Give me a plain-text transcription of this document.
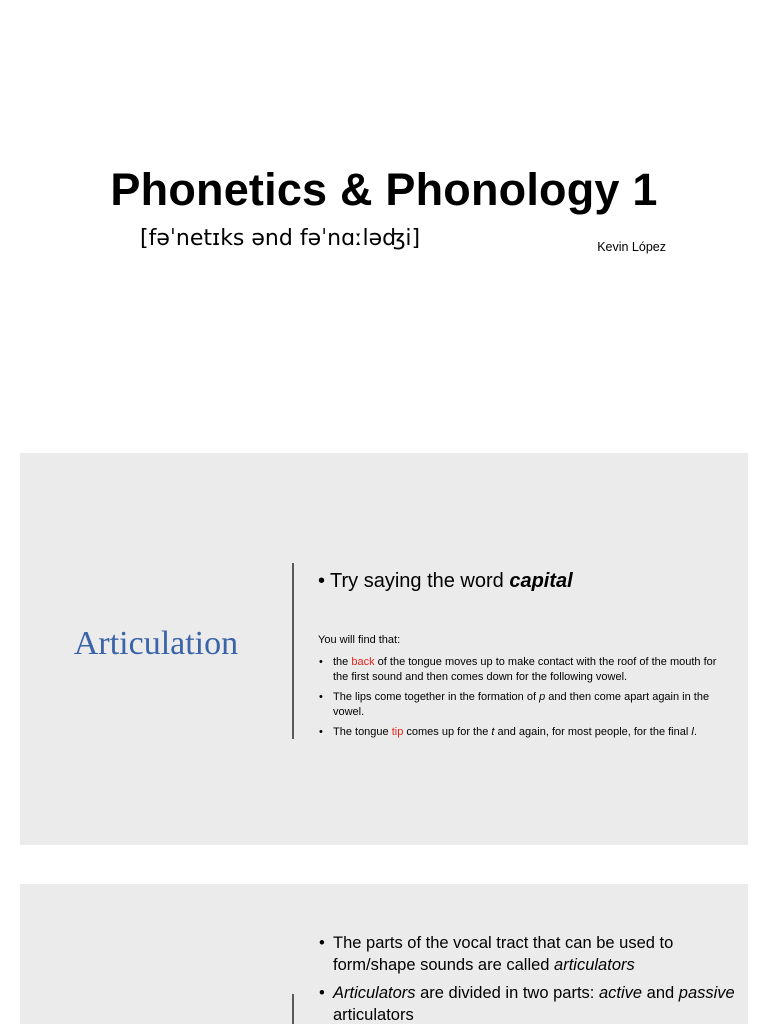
Phonetics & Phonology 1
[fəˈnetɪks ənd fəˈnɑːləʤi]	Kevin López
Articulation
• Try saying the word capital
You will find that:
• the back of the tongue moves up to make contact with the roof of the mouth for the first sound and then comes down for the following vowel.
• The lips come together in the formation of p and then come apart again in the vowel.
• The tongue tip comes up for the t and again, for most people, for the final l.
• The parts of the vocal tract that can be used to form/shape sounds are called articulators
• Articulators are divided in two parts: active and passive articulators
